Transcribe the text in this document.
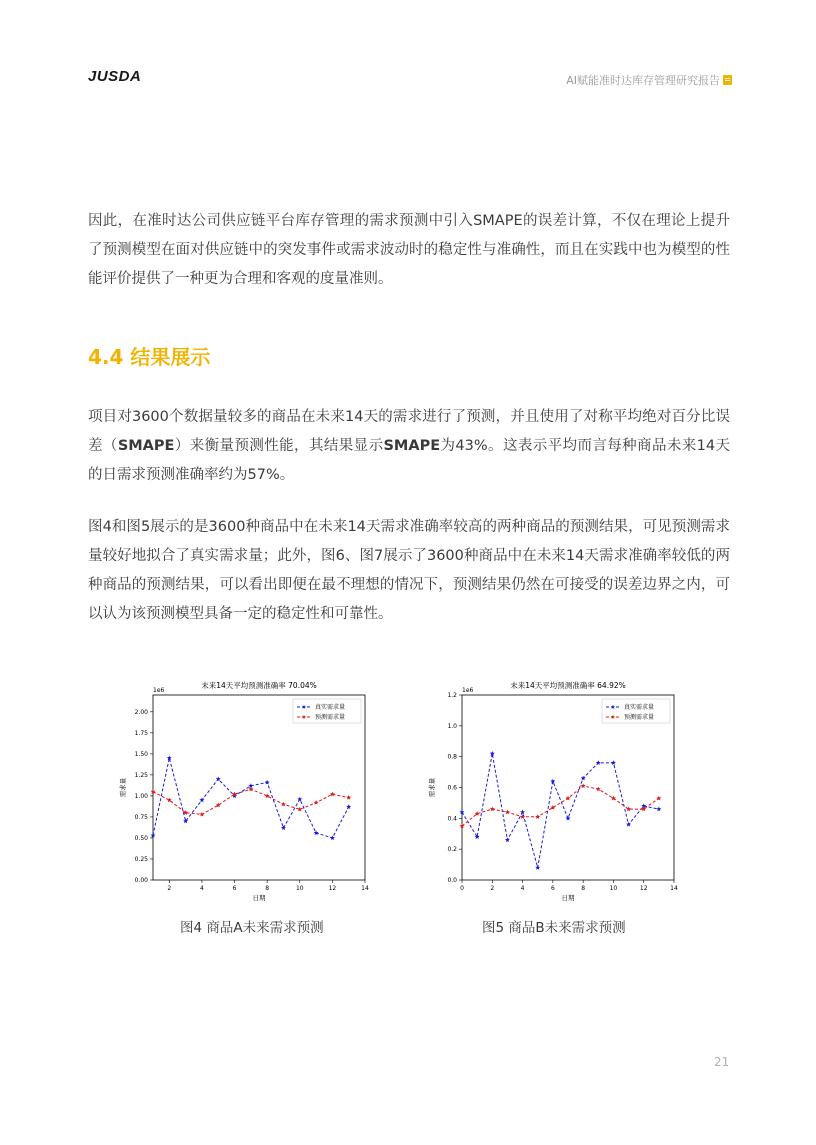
JUSDA	AI赋能准时达库存管理研究报告

因此，在准时达公司供应链平台库存管理的需求预测中引入SMAPE的误差计算，不仅在理论上提升了预测模型在面对供应链中的突发事件或需求波动时的稳定性与准确性，而且在实践中也为模型的性能评价提供了一种更为合理和客观的度量准则。

4.4 结果展示

项目对3600个数据量较多的商品在未来14天的需求进行了预测，并且使用了对称平均绝对百分比误差（SMAPE）来衡量预测性能，其结果显示SMAPE为43%。这表示平均而言每种商品未来14天的日需求预测准确率约为57%。

图4和图5展示的是3600种商品中在未来14天需求准确率较高的两种商品的预测结果，可见预测需求量较好地拟合了真实需求量；此外，图6、图7展示了3600种商品中在未来14天需求准确率较低的两种商品的预测结果，可以看出即便在最不理想的情况下，预测结果仍然在可接受的误差边界之内，可以认为该预测模型具备一定的稳定性和可靠性。

未来14天平均预测准确率 70.04%
1e6
0.00
0.25
0.50
0.75
1.00
1.25
1.50
1.75
2.00
2	4	6	8	10	12	14
日期
需求量
真实需求量
预测需求量
未来14天平均预测准确率 64.92%
1e6
0.0
0.2
0.4
0.6
0.8
1.0
1.2
0	2	4	6	8	10	12	14
日期
需求量
真实需求量
预测需求量
图4 商品A未来需求预测	图5 商品B未来需求预测
21
